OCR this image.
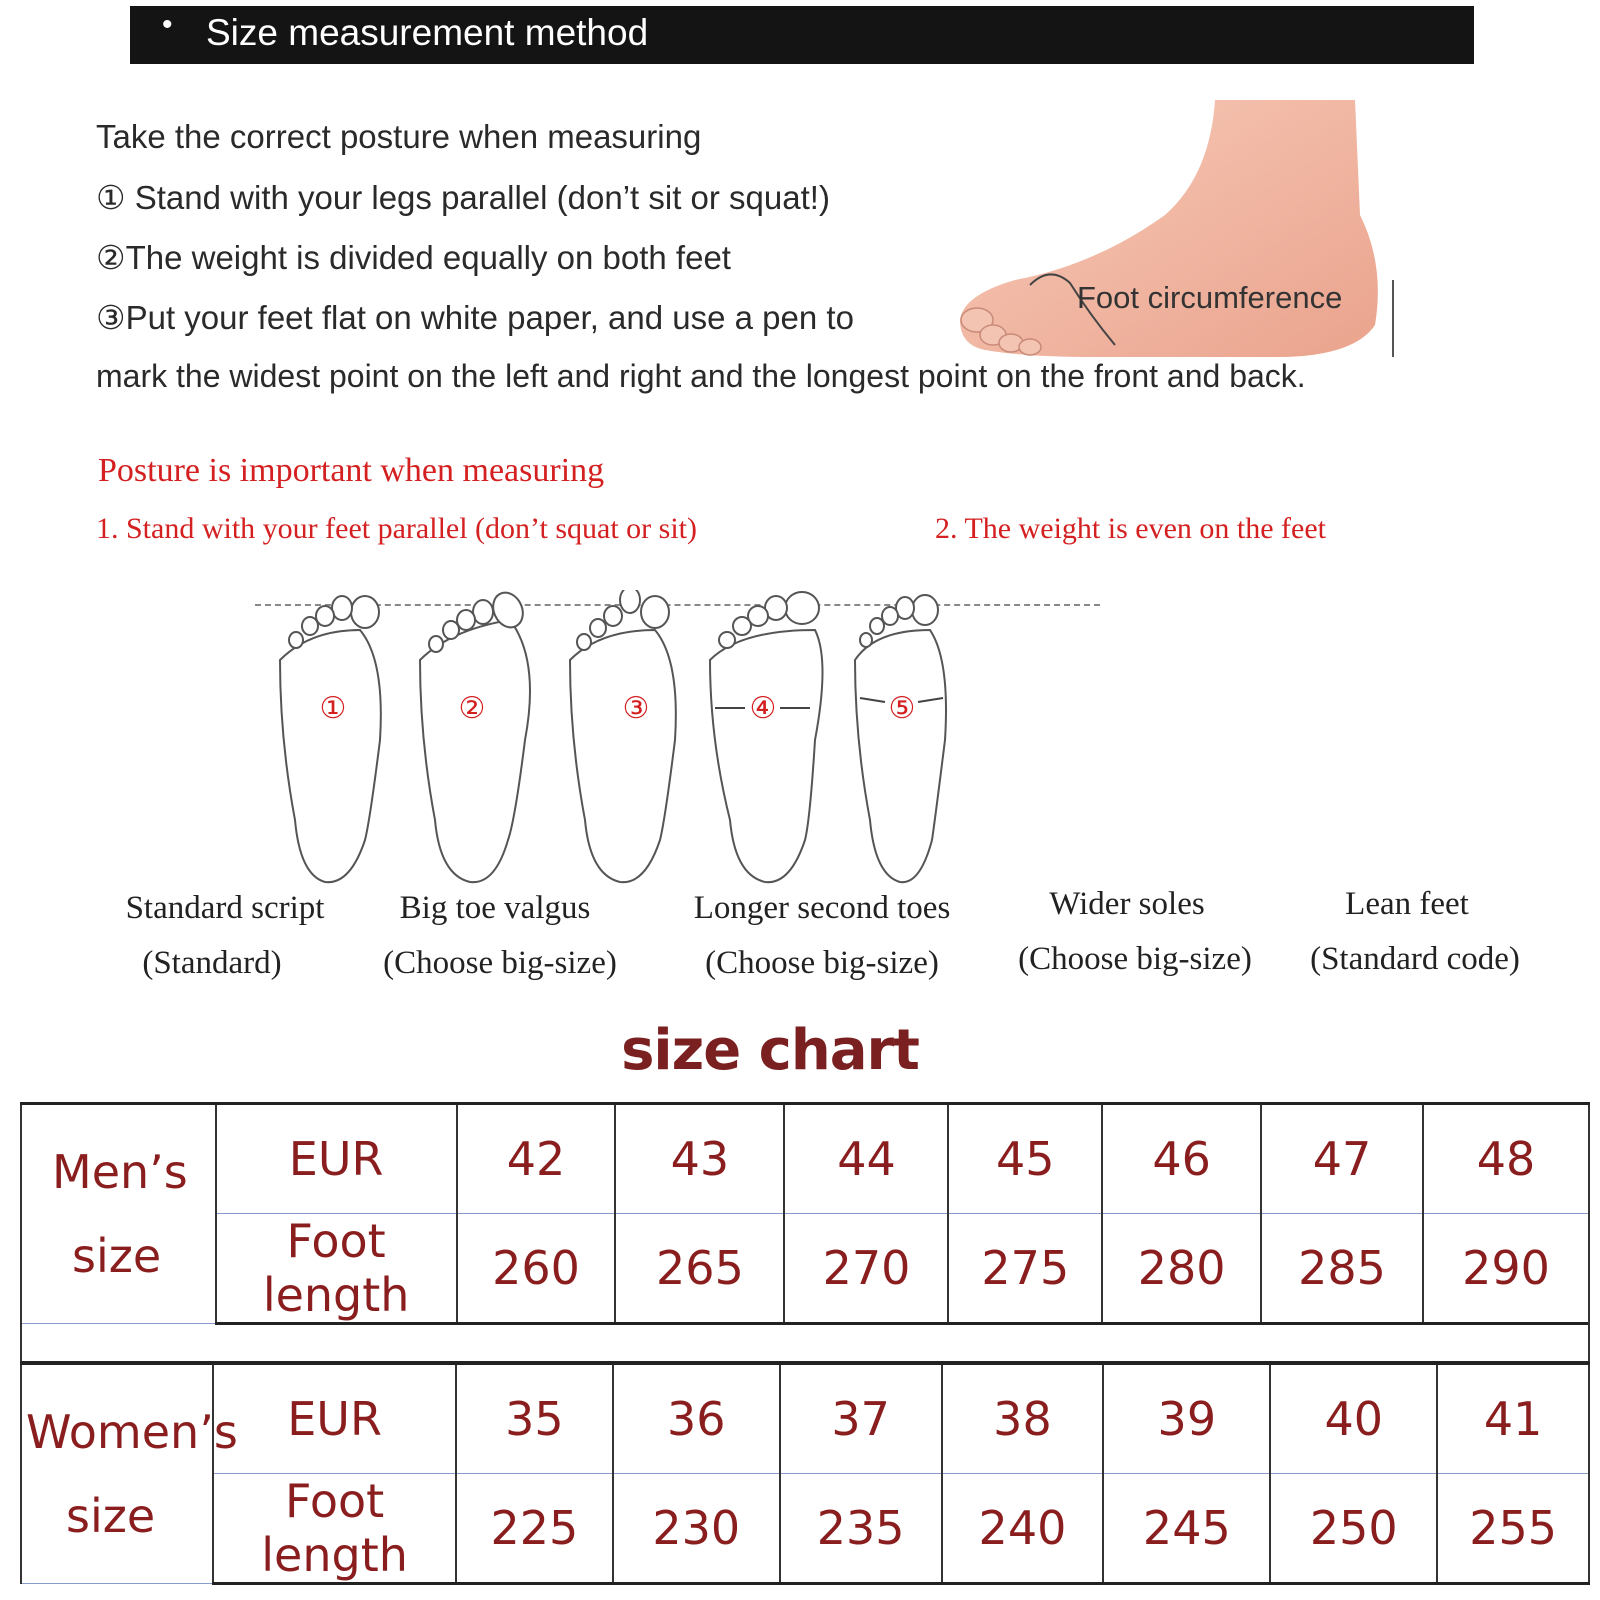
• Size measurement method
Take the correct posture when measuring
① Stand with your legs parallel (don’t sit or squat!)
②The weight is divided equally on both feet
③Put your feet flat on white paper, and use a pen to
mark the widest point on the left and right and the longest point on the front and back.
Foot circumference
Posture is important when measuring
1. Stand with your feet parallel (don’t squat or sit)	2. The weight is even on the feet
①	②	③	④	⑤
Standard script
(Standard)
Big toe valgus
(Choose big-size)
Longer second toes
(Choose big-size)
Wider soles
(Choose big-size)
Lean feet
(Standard code)
size chart
Men’s
size	EUR	42	43	44	45	46	47	48
	Foot length	260	265	270	275	280	285	290
Women’s
size	EUR	35	36	37	38	39	40	41
	Foot length	225	230	235	240	245	250	255
